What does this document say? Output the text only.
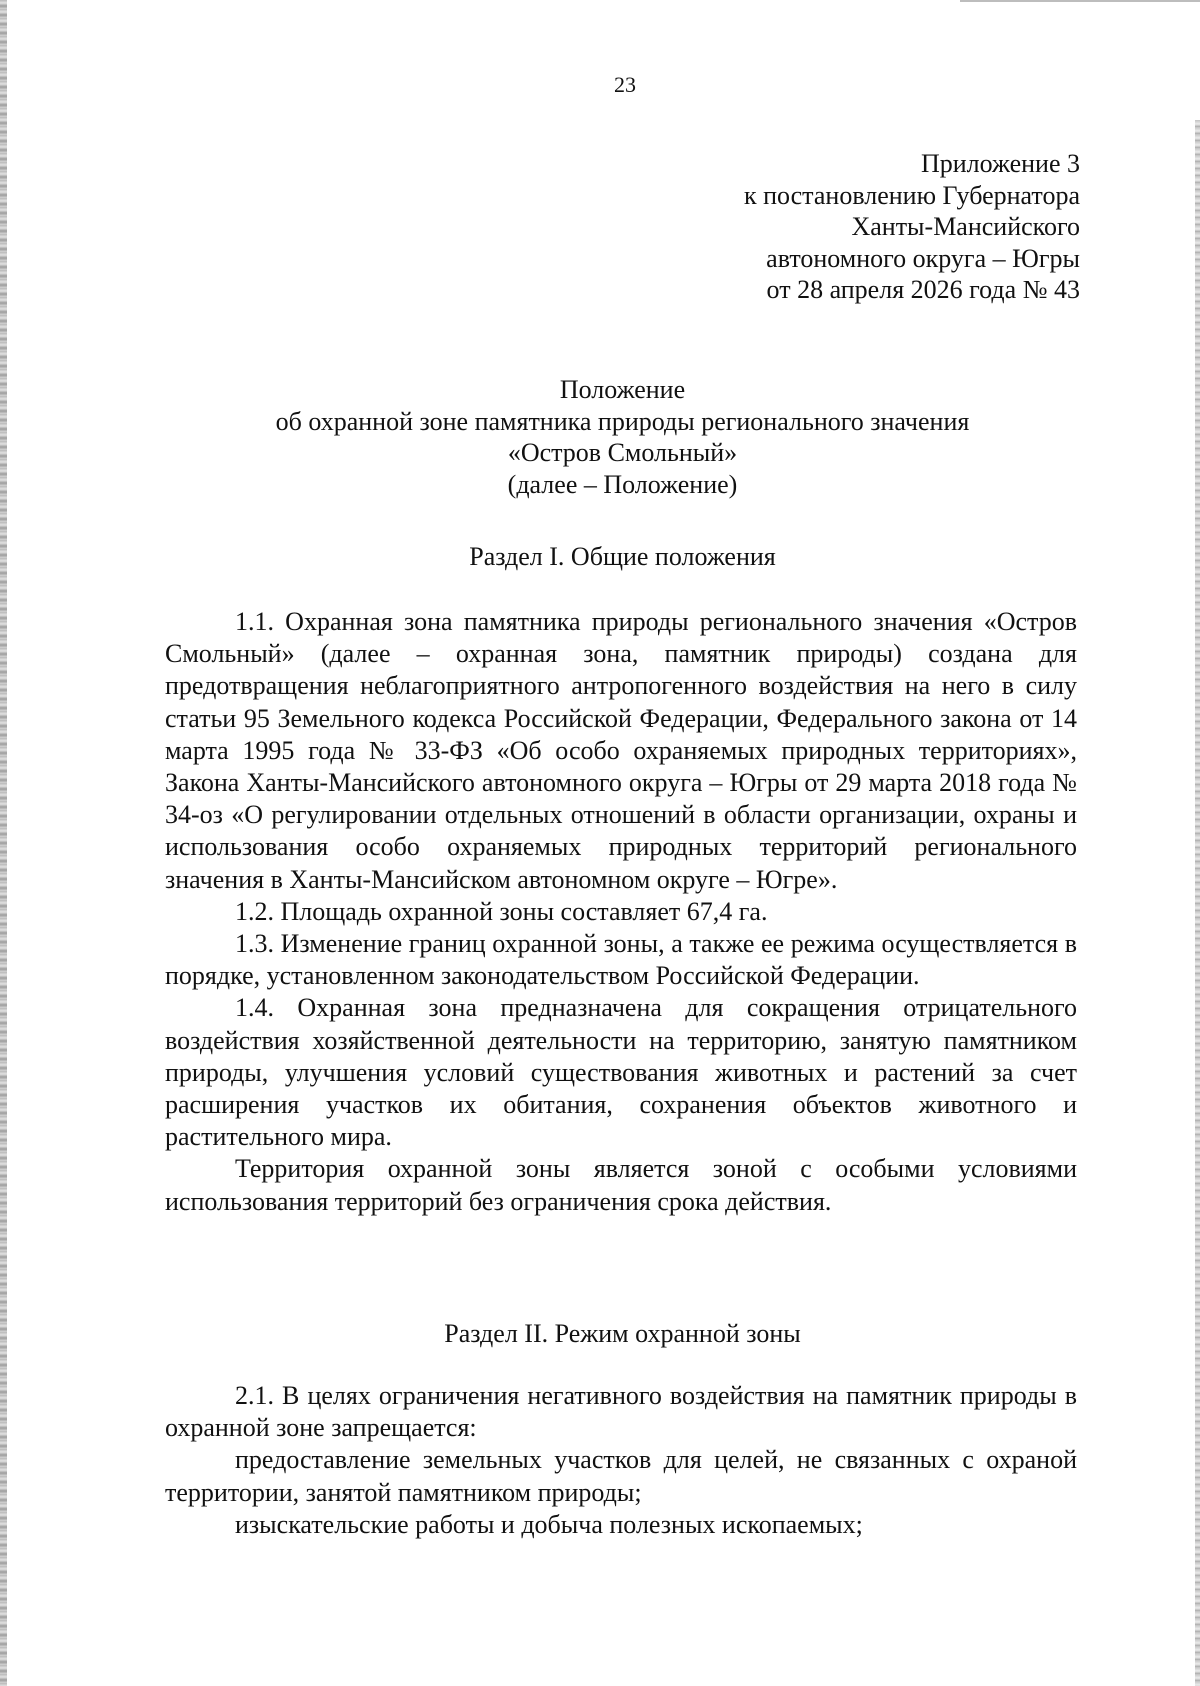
23
Приложение 3
к постановлению Губернатора
Ханты-Мансийского
автономного округа – Югры
от 28 апреля 2026 года № 43
Положение
об охранной зоне памятника природы регионального значения
«Остров Смольный»
(далее – Положение)
Раздел I. Общие положения

1.1. Охранная зона памятника природы регионального значения «Остров Смольный» (далее – охранная зона, памятник природы) создана для предотвращения неблагоприятного антропогенного воздействия на него в силу статьи 95 Земельного кодекса Российской Федерации, Федерального закона от 14 марта 1995 года № 33-ФЗ «Об особо охраняемых природных территориях», Закона Ханты-Мансийского автономного округа – Югры от 29 марта 2018 года № 34-оз «О регулировании отдельных отношений в области организации, охраны и использования особо охраняемых природных территорий регионального значения в Ханты-Мансийском автономном округе – Югре».

1.2. Площадь охранной зоны составляет 67,4 га.

1.3. Изменение границ охранной зоны, а также ее режима осуществляется в порядке, установленном законодательством Российской Федерации.

1.4. Охранная зона предназначена для сокращения отрицательного воздействия хозяйственной деятельности на территорию, занятую памятником природы, улучшения условий существования животных и растений за счет расширения участков их обитания, сохранения объектов животного и растительного мира.

Территория охранной зоны является зоной с особыми условиями использования территорий без ограничения срока действия.

Раздел II. Режим охранной зоны

2.1. В целях ограничения негативного воздействия на памятник природы в охранной зоне запрещается:

предоставление земельных участков для целей, не связанных с охраной территории, занятой памятником природы;

изыскательские работы и добыча полезных ископаемых;
